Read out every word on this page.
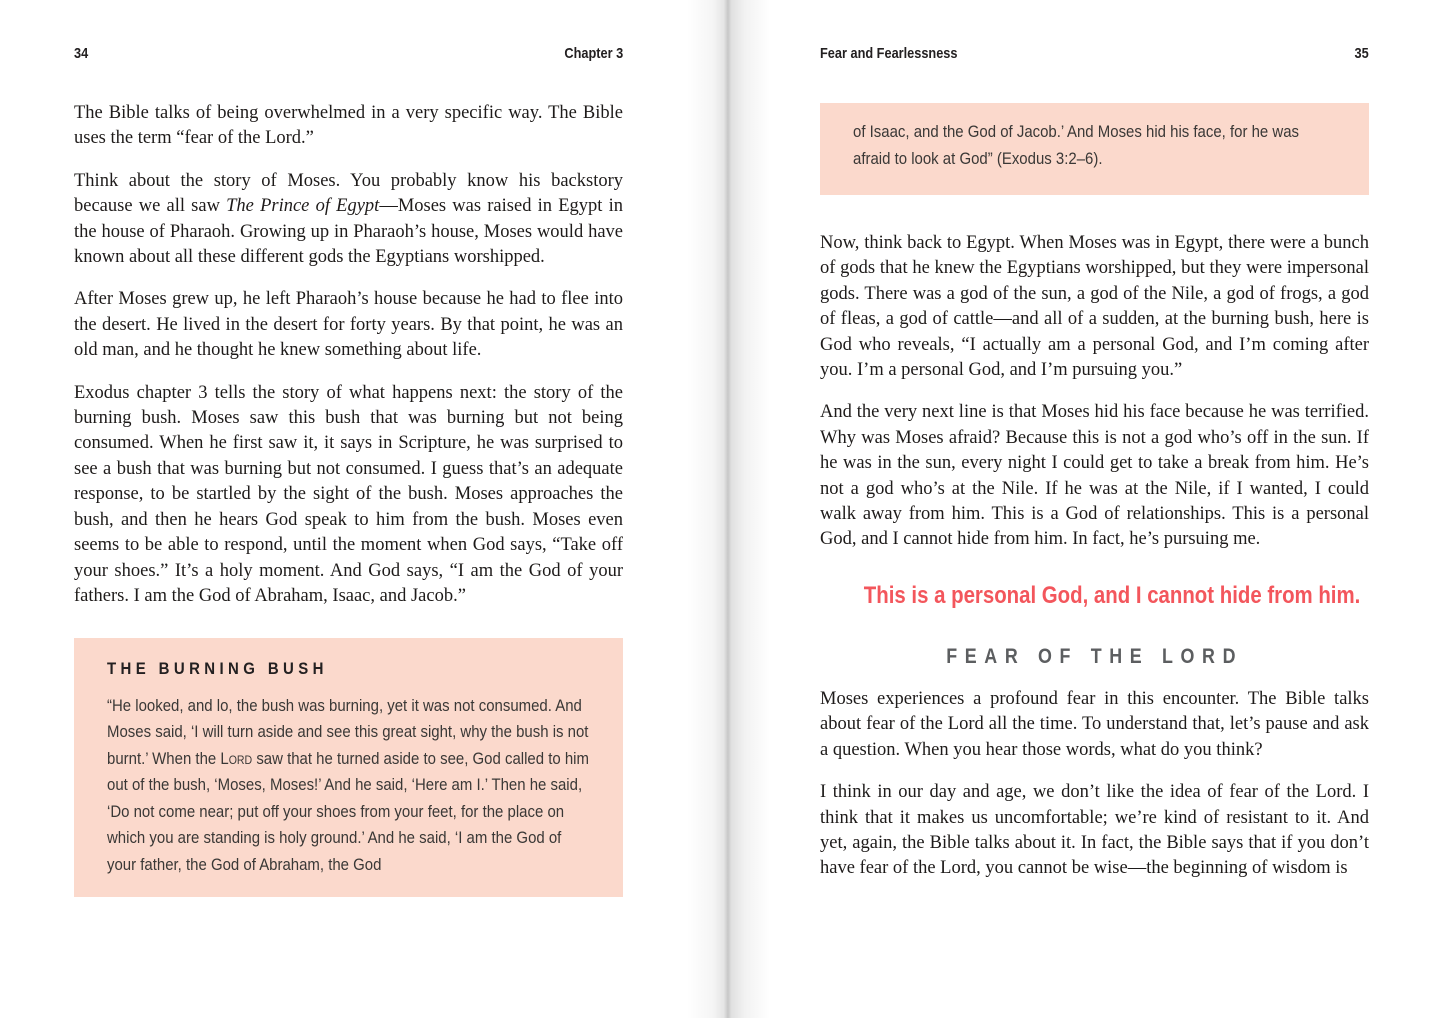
34	Chapter 3

The Bible talks of being overwhelmed in a very specific way. The Bible uses the term “fear of the Lord.”

Think about the story of Moses. You probably know his backstory because we all saw The Prince of Egypt—Moses was raised in Egypt in the house of Pharaoh. Growing up in Pharaoh’s house, Moses would have known about all these different gods the Egyptians worshipped.

After Moses grew up, he left Pharaoh’s house because he had to flee into the desert. He lived in the desert for forty years. By that point, he was an old man, and he thought he knew something about life.

Exodus chapter 3 tells the story of what happens next: the story of the burning bush. Moses saw this bush that was burning but not being consumed. When he first saw it, it says in Scripture, he was surprised to see a bush that was burning but not consumed. I guess that’s an adequate response, to be startled by the sight of the bush. Moses approaches the bush, and then he hears God speak to him from the bush. Moses even seems to be able to respond, until the moment when God says, “Take off your shoes.” It’s a holy moment. And God says, “I am the God of your fathers. I am the God of Abraham, Isaac, and Jacob.”

THE BURNING BUSH
“He looked, and lo, the bush was burning, yet it was not consumed. And Moses said, ‘I will turn aside and see this great sight, why the bush is not burnt.’ When the Lord saw that he turned aside to see, God called to him out of the bush, ‘Moses, Moses!’ And he said, ‘Here am I.’ Then he said, ‘Do not come near; put off your shoes from your feet, for the place on which you are standing is holy ground.’ And he said, ‘I am the God of your father, the God of Abraham, the God
Fear and Fearlessness	35
of Isaac, and the God of Jacob.’ And Moses hid his face, for he was afraid to look at God” (Exodus 3:2–6).

Now, think back to Egypt. When Moses was in Egypt, there were a bunch of gods that he knew the Egyptians worshipped, but they were impersonal gods. There was a god of the sun, a god of the Nile, a god of frogs, a god of fleas, a god of cattle—and all of a sudden, at the burning bush, here is God who reveals, “I actually am a personal God, and I’m coming after you. I’m a personal God, and I’m pursuing you.”

And the very next line is that Moses hid his face because he was terrified. Why was Moses afraid? Because this is not a god who’s off in the sun. If he was in the sun, every night I could get to take a break from him. He’s not a god who’s at the Nile. If he was at the Nile, if I wanted, I could walk away from him. This is a God of relationships. This is a personal God, and I cannot hide from him. In fact, he’s pursuing me.

This is a personal God, and I cannot hide from him.
FEAR OF THE LORD

Moses experiences a profound fear in this encounter. The Bible talks about fear of the Lord all the time. To understand that, let’s pause and ask a question. When you hear those words, what do you think?

I think in our day and age, we don’t like the idea of fear of the Lord. I think that it makes us uncomfortable; we’re kind of resistant to it. And yet, again, the Bible talks about it. In fact, the Bible says that if you don’t have fear of the Lord, you cannot be wise—the beginning of wisdom is
